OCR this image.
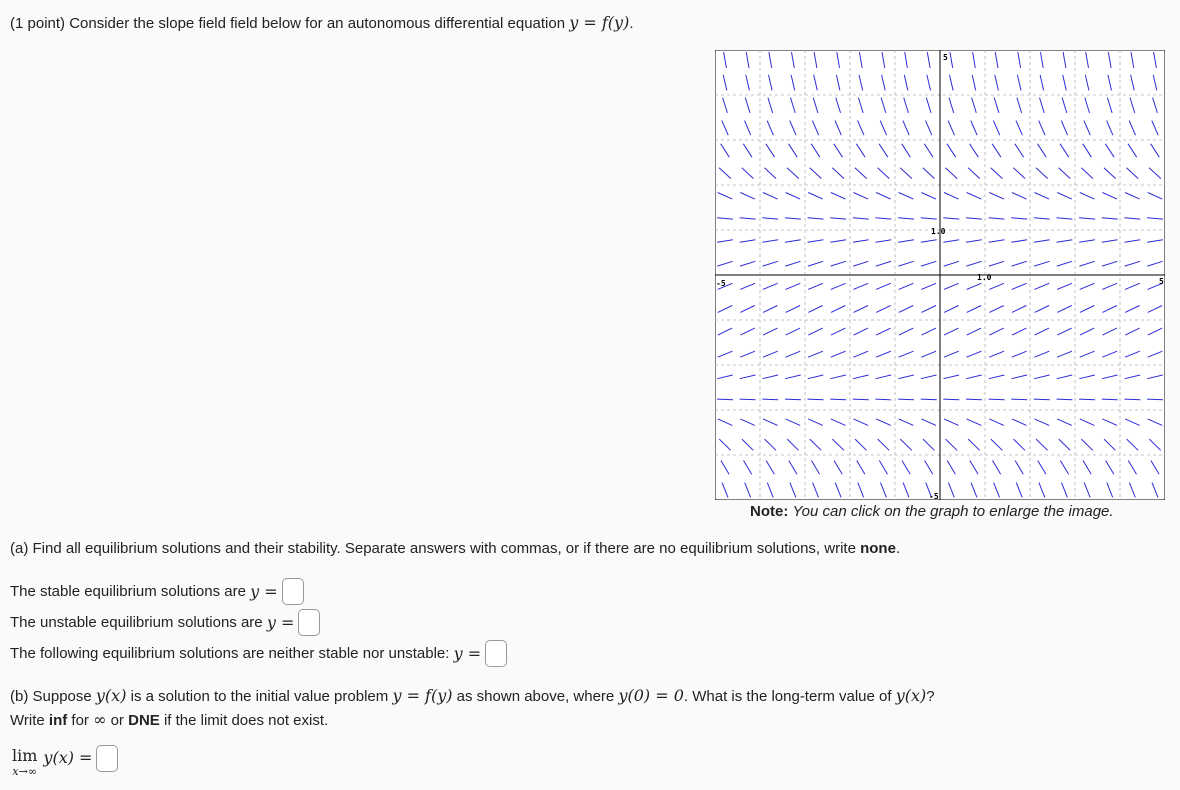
(1 point) Consider the slope field field below for an autonomous differential equation y = f(y).
-5	5
5
-5
1.0
1.0
Note: You can click on the graph to enlarge the image.
(a) Find all equilibrium solutions and their stability. Separate answers with commas, or if there are no equilibrium solutions, write none.
The stable equilibrium solutions are
y =
The unstable equilibrium solutions are
y =
The following equilibrium solutions are neither stable nor unstable:
y =
(b) Suppose y(x) is a solution to the initial value problem y = f(y) as shown above, where y(0) = 0. What is the long-term value of y(x)?
Write inf for ∞ or DNE if the limit does not exist.
lim
x→∞
y(x) =
